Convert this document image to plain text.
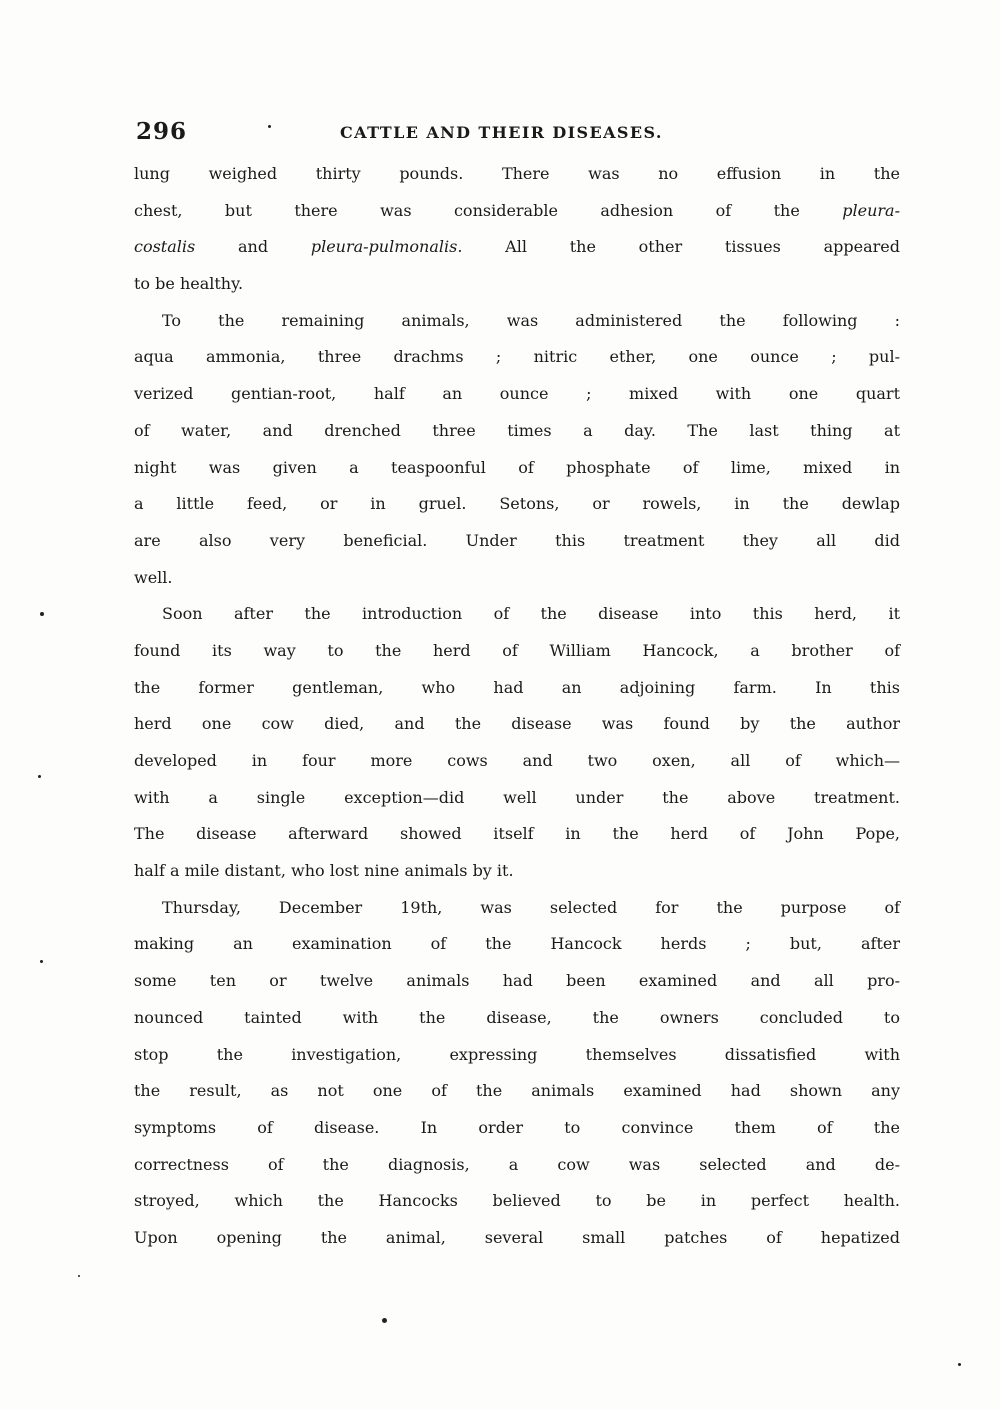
296	CATTLE AND THEIR DISEASES.
lung weighed thirty pounds. There was no effusion in the
chest, but there was considerable adhesion of the pleura-
costalis and pleura-pulmonalis. All the other tissues appeared
to be healthy.
To the remaining animals, was administered the following :
aqua ammonia, three drachms ; nitric ether, one ounce ; pul-
verized gentian-root, half an ounce ; mixed with one quart
of water, and drenched three times a day. The last thing at
night was given a teaspoonful of phosphate of lime, mixed in
a little feed, or in gruel. Setons, or rowels, in the dewlap
are also very beneficial. Under this treatment they all did
well.
Soon after the introduction of the disease into this herd, it
found its way to the herd of William Hancock, a brother of
the former gentleman, who had an adjoining farm. In this
herd one cow died, and the disease was found by the author
developed in four more cows and two oxen, all of which—
with a single exception—did well under the above treatment.
The disease afterward showed itself in the herd of John Pope,
half a mile distant, who lost nine animals by it.
Thursday, December 19th, was selected for the purpose of
making an examination of the Hancock herds ; but, after
some ten or twelve animals had been examined and all pro-
nounced tainted with the disease, the owners concluded to
stop the investigation, expressing themselves dissatisfied with
the result, as not one of the animals examined had shown any
symptoms of disease. In order to convince them of the
correctness of the diagnosis, a cow was selected and de-
stroyed, which the Hancocks believed to be in perfect health.
Upon opening the animal, several small patches of hepatized
